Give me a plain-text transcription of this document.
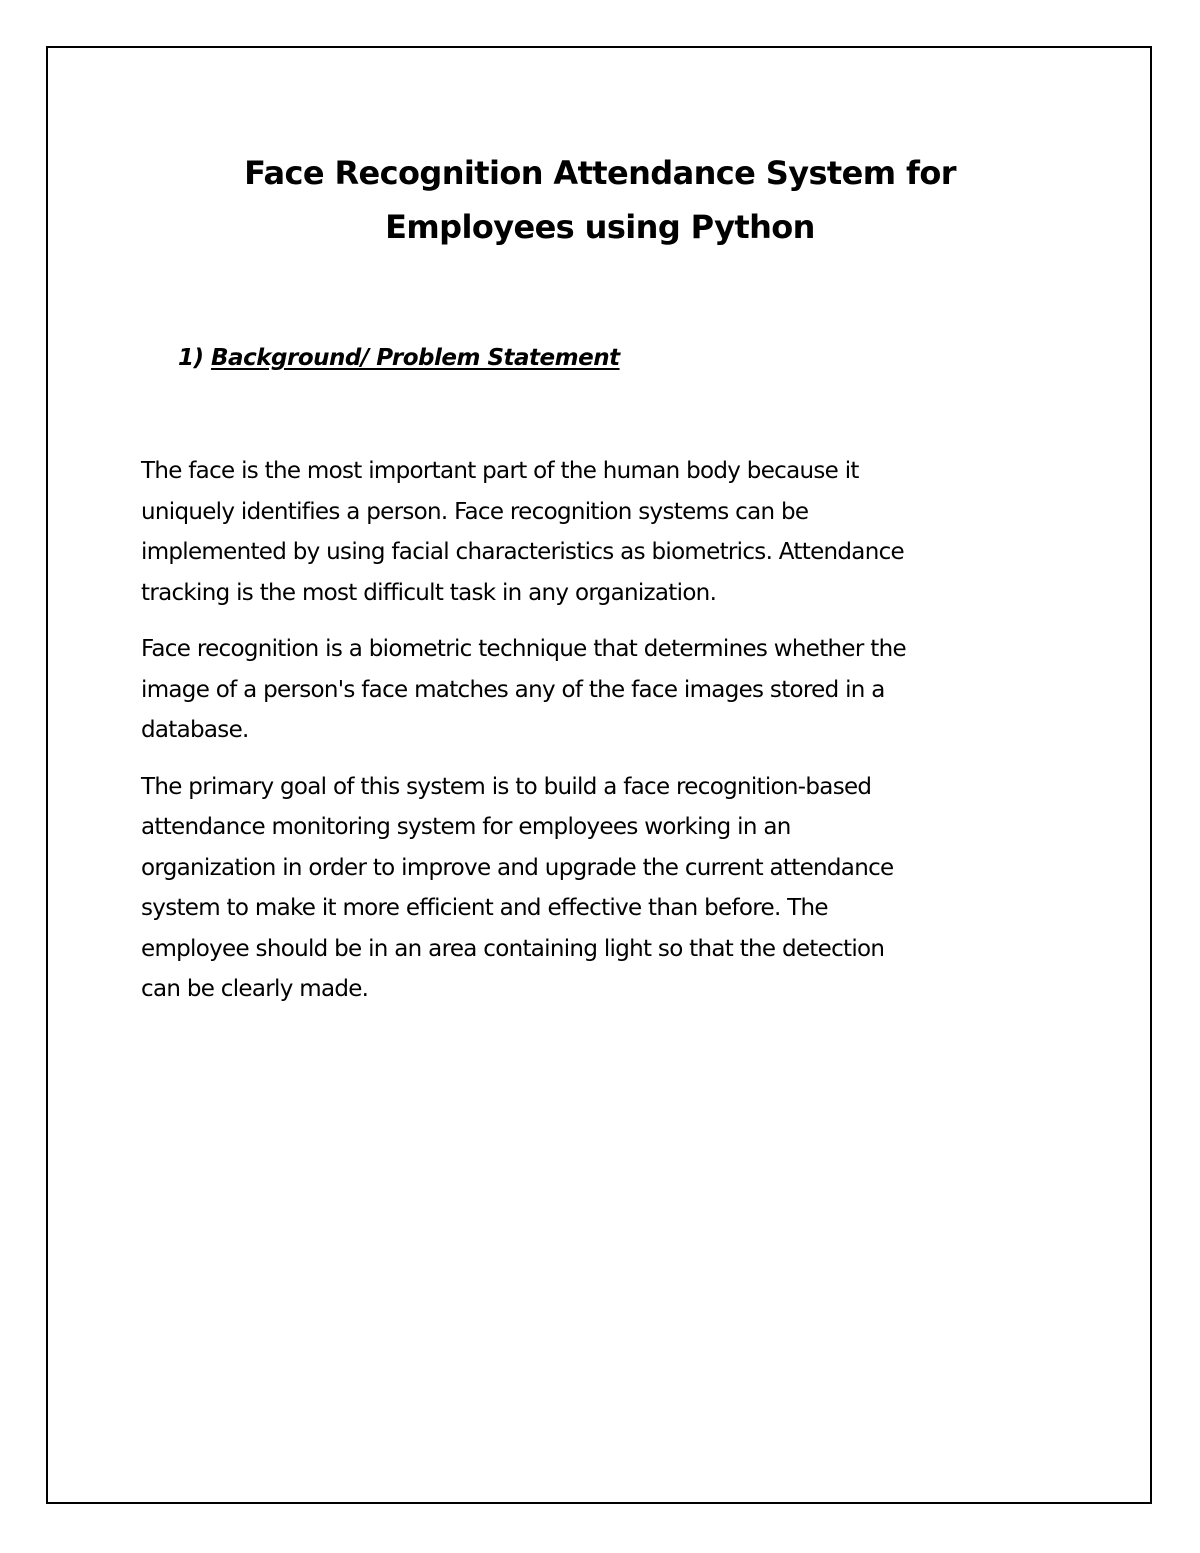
Face Recognition Attendance System for
Employees using Python
1) Background/ Problem Statement

The face is the most important part of the human body because it
uniquely identifies a person. Face recognition systems can be
implemented by using facial characteristics as biometrics. Attendance
tracking is the most difficult task in any organization.

Face recognition is a biometric technique that determines whether the
image of a person's face matches any of the face images stored in a
database.

The primary goal of this system is to build a face recognition-based
attendance monitoring system for employees working in an
organization in order to improve and upgrade the current attendance
system to make it more efficient and effective than before. The
employee should be in an area containing light so that the detection
can be clearly made.
